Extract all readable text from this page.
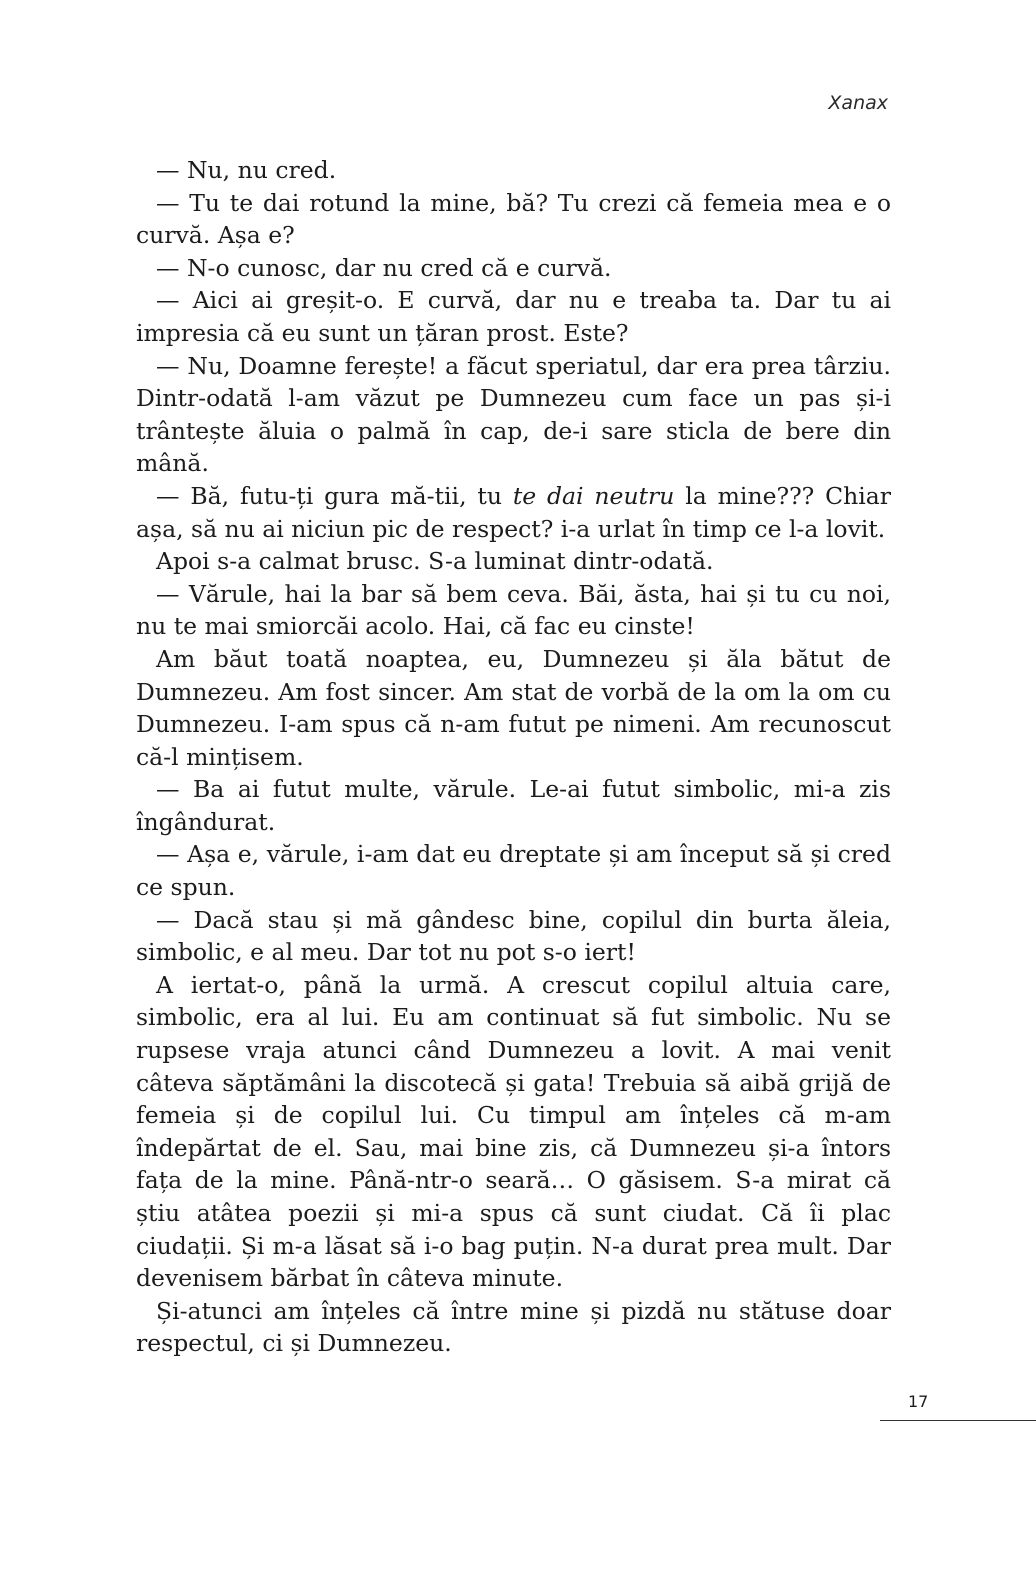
Xanax

— Nu, nu cred.

— Tu te dai rotund la mine, bă? Tu crezi că femeia mea e o curvă. Așa e?

— N-o cunosc, dar nu cred că e curvă.

— Aici ai greșit-o. E curvă, dar nu e treaba ta. Dar tu ai impresia că eu sunt un țăran prost. Este?

— Nu, Doamne ferește! a făcut speriatul, dar era prea târziu. Dintr-odată l-am văzut pe Dumnezeu cum face un pas și-i trântește ăluia o palmă în cap, de-i sare sticla de bere din mână.

— Bă, futu-ți gura mă-tii, tu te dai neutru la mine??? Chiar așa, să nu ai niciun pic de respect? i-a urlat în timp ce l-a lovit.

Apoi s-a calmat brusc. S-a luminat dintr-odată.

— Vărule, hai la bar să bem ceva. Băi, ăsta, hai și tu cu noi, nu te mai smiorcăi acolo. Hai, că fac eu cinste!

Am băut toată noaptea, eu, Dumnezeu și ăla bătut de Dumnezeu. Am fost sincer. Am stat de vorbă de la om la om cu Dumnezeu. I-am spus că n-am futut pe nimeni. Am recunoscut că-l mințisem.

— Ba ai futut multe, vărule. Le-ai futut simbolic, mi-a zis îngândurat.

— Așa e, vărule, i-am dat eu dreptate și am început să și cred ce spun.

— Dacă stau și mă gândesc bine, copilul din burta ăleia, simbolic, e al meu. Dar tot nu pot s-o iert!

A iertat-o, până la urmă. A crescut copilul altuia care, simbolic, era al lui. Eu am continuat să fut simbolic. Nu se rupsese vraja atunci când Dumnezeu a lovit. A mai venit câteva săptămâni la discotecă și gata! Trebuia să aibă grijă de femeia și de copilul lui. Cu timpul am înțeles că m-am îndepărtat de el. Sau, mai bine zis, că Dumnezeu și-a întors fața de la mine. Până-ntr-o seară… O găsisem. S-a mirat că știu atâtea poezii și mi-a spus că sunt ciudat. Că îi plac ciudații. Și m-a lăsat să i-o bag puțin. N-a durat prea mult. Dar devenisem bărbat în câteva minute.

Și-atunci am înțeles că între mine și pizdă nu stătuse doar respectul, ci și Dumnezeu.

17
